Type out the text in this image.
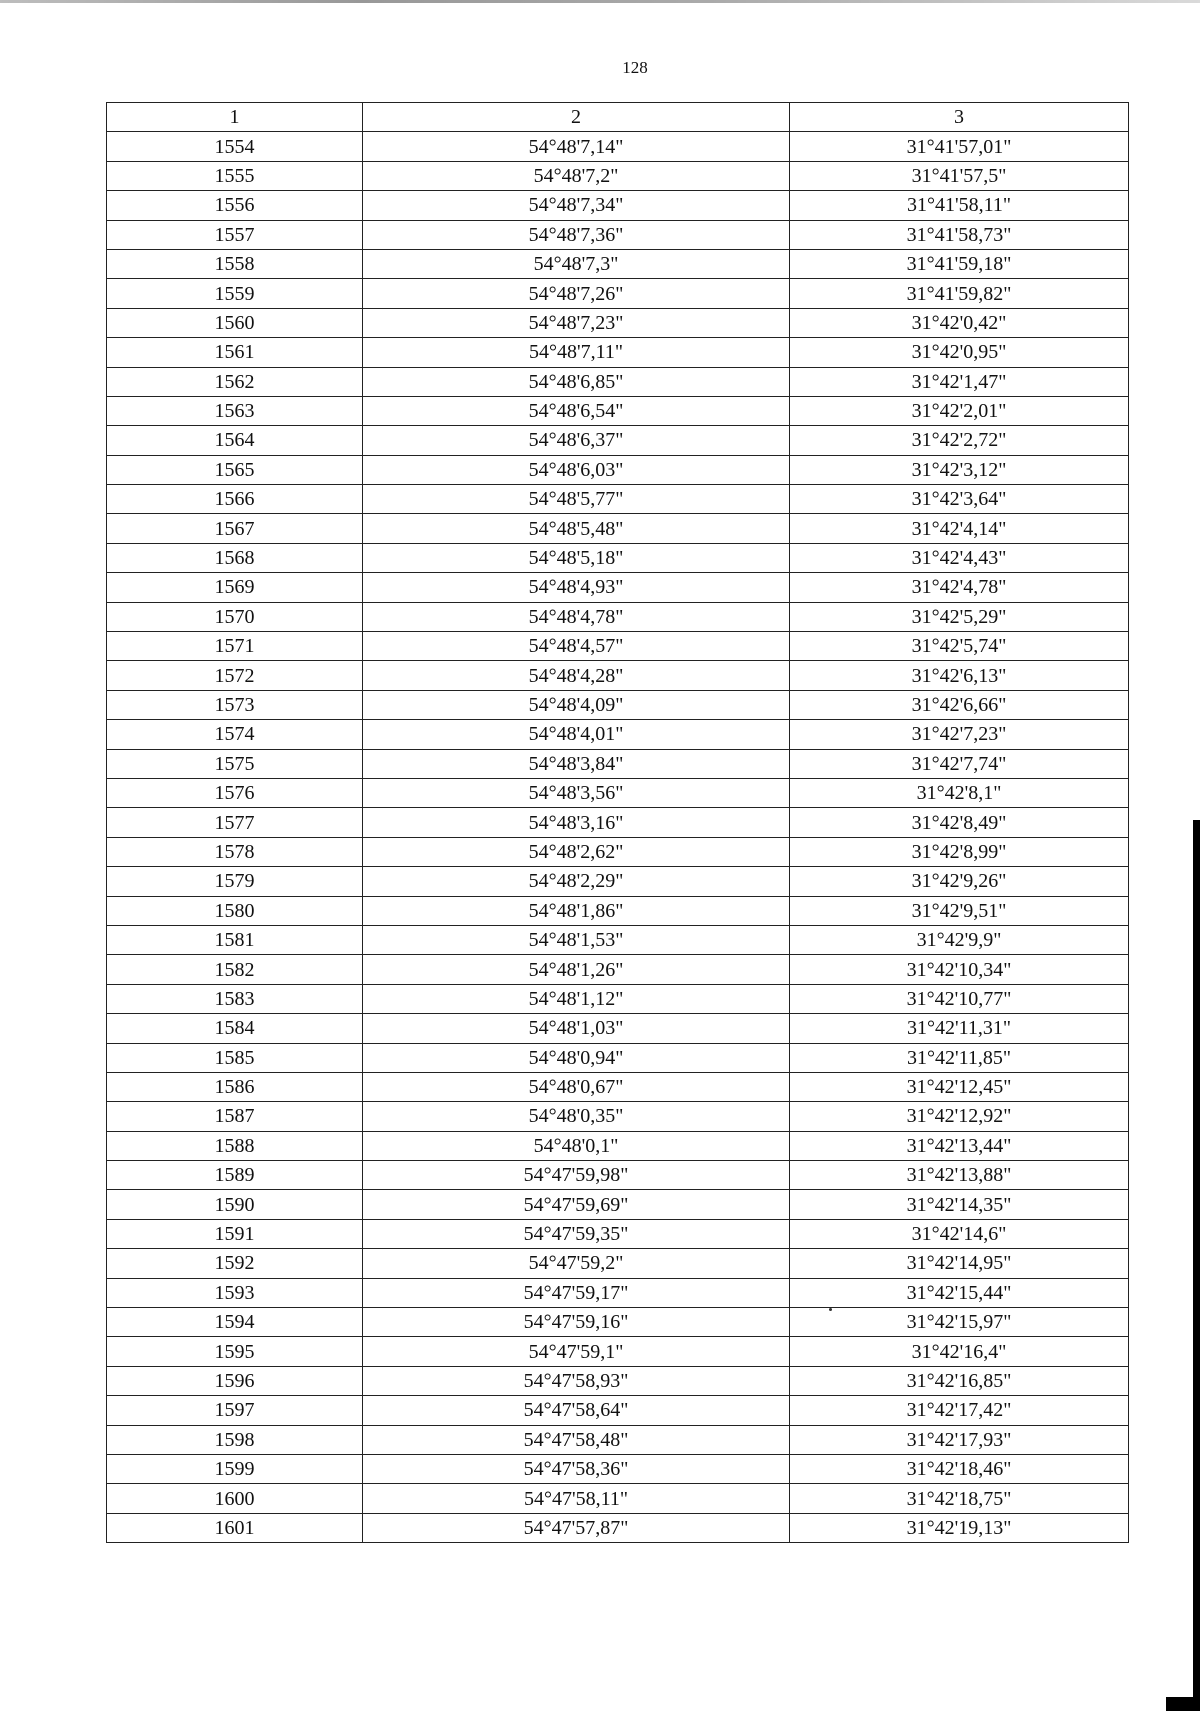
128
1	2	3
1554	54°48'7,14"	31°41'57,01"
1555	54°48'7,2"	31°41'57,5"
1556	54°48'7,34"	31°41'58,11"
1557	54°48'7,36"	31°41'58,73"
1558	54°48'7,3"	31°41'59,18"
1559	54°48'7,26"	31°41'59,82"
1560	54°48'7,23"	31°42'0,42"
1561	54°48'7,11"	31°42'0,95"
1562	54°48'6,85"	31°42'1,47"
1563	54°48'6,54"	31°42'2,01"
1564	54°48'6,37"	31°42'2,72"
1565	54°48'6,03"	31°42'3,12"
1566	54°48'5,77"	31°42'3,64"
1567	54°48'5,48"	31°42'4,14"
1568	54°48'5,18"	31°42'4,43"
1569	54°48'4,93"	31°42'4,78"
1570	54°48'4,78"	31°42'5,29"
1571	54°48'4,57"	31°42'5,74"
1572	54°48'4,28"	31°42'6,13"
1573	54°48'4,09"	31°42'6,66"
1574	54°48'4,01"	31°42'7,23"
1575	54°48'3,84"	31°42'7,74"
1576	54°48'3,56"	31°42'8,1"
1577	54°48'3,16"	31°42'8,49"
1578	54°48'2,62"	31°42'8,99"
1579	54°48'2,29"	31°42'9,26"
1580	54°48'1,86"	31°42'9,51"
1581	54°48'1,53"	31°42'9,9"
1582	54°48'1,26"	31°42'10,34"
1583	54°48'1,12"	31°42'10,77"
1584	54°48'1,03"	31°42'11,31"
1585	54°48'0,94"	31°42'11,85"
1586	54°48'0,67"	31°42'12,45"
1587	54°48'0,35"	31°42'12,92"
1588	54°48'0,1"	31°42'13,44"
1589	54°47'59,98"	31°42'13,88"
1590	54°47'59,69"	31°42'14,35"
1591	54°47'59,35"	31°42'14,6"
1592	54°47'59,2"	31°42'14,95"
1593	54°47'59,17"	31°42'15,44"
1594	54°47'59,16"	31°42'15,97"
1595	54°47'59,1"	31°42'16,4"
1596	54°47'58,93"	31°42'16,85"
1597	54°47'58,64"	31°42'17,42"
1598	54°47'58,48"	31°42'17,93"
1599	54°47'58,36"	31°42'18,46"
1600	54°47'58,11"	31°42'18,75"
1601	54°47'57,87"	31°42'19,13"
